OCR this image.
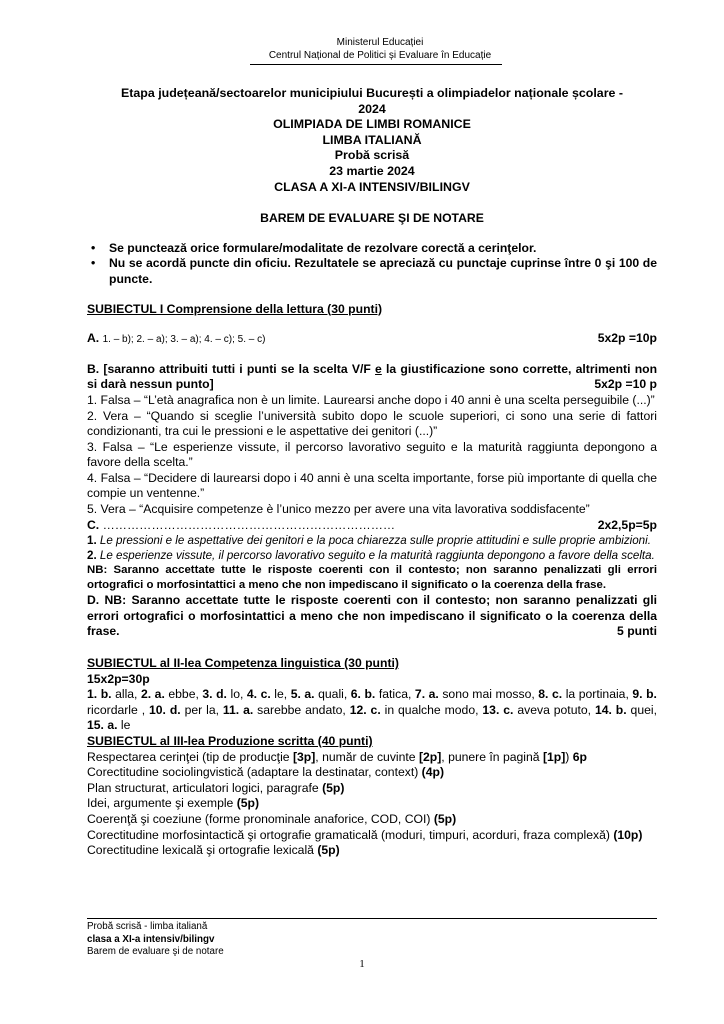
Ministerul Educației
Centrul Național de Politici și Evaluare în Educație
Etapa județeană/sectoarelor municipiului București a olimpiadelor naționale școlare -
2024
OLIMPIADA DE LIMBI ROMANICE
LIMBA ITALIANĂ
Probă scrisă
23 martie 2024
CLASA A XI-A INTENSIV/BILINGV
BAREM DE EVALUARE ŞI DE NOTARE
• Se punctează orice formulare/modalitate de rezolvare corectă a cerinţelor.
• Nu se acordă puncte din oficiu. Rezultatele se apreciază cu punctaje cuprinse între 0 şi 100 de puncte.
SUBIECTUL I Comprensione della lettura (30 punti)
A. 1. – b); 2. – a); 3. – a); 4. – c); 5. – c)	5x2p =10p
B. [saranno attribuiti tutti i punti se la scelta V/F e la giustificazione sono corrette, altrimenti non si darà nessun punto]	5x2p =10 p
1. Falsa – “L’età anagrafica non è un limite. Laurearsi anche dopo i 40 anni è una scelta perseguibile (...)”
2. Vera – “Quando si sceglie l’università subito dopo le scuole superiori, ci sono una serie di fattori condizionanti, tra cui le pressioni e le aspettative dei genitori (...)”
3. Falsa – “Le esperienze vissute, il percorso lavorativo seguito e la maturità raggiunta depongono a favore della scelta.”
4. Falsa – “Decidere di laurearsi dopo i 40 anni è una scelta importante, forse più importante di quella che compie un ventenne.”
5. Vera – “Acquisire competenze è l’unico mezzo per avere una vita lavorativa soddisfacente”
C. ………………………………………………………………	2x2,5p=5p
1. Le pressioni e le aspettative dei genitori e la poca chiarezza sulle proprie attitudini e sulle proprie ambizioni.
2. Le esperienze vissute, il percorso lavorativo seguito e la maturità raggiunta depongono a favore della scelta.
NB: Saranno accettate tutte le risposte coerenti con il contesto; non saranno penalizzati gli errori ortografici o morfosintattici a meno che non impediscano il significato o la coerenza della frase.
D. NB: Saranno accettate tutte le risposte coerenti con il contesto; non saranno penalizzati gli errori ortografici o morfosintattici a meno che non impediscano il significato o la coerenza della frase.	5 punti
SUBIECTUL al II-lea Competenza linguistica (30 punti)
15x2p=30p
1. b. alla, 2. a. ebbe, 3. d. lo, 4. c. le, 5. a. quali, 6. b. fatica, 7. a. sono mai mosso, 8. c. la portinaia, 9. b. ricordarle , 10. d. per la, 11. a. sarebbe andato, 12. c. in qualche modo, 13. c. aveva potuto, 14. b. quei, 15. a. le
SUBIECTUL al III-lea Produzione scritta (40 punti)
Respectarea cerinţei (tip de producţie [3p], număr de cuvinte [2p], punere în pagină [1p]) 6p
Corectitudine sociolingvistică (adaptare la destinatar, context) (4p)
Plan structurat, articulatori logici, paragrafe (5p)
Idei, argumente şi exemple (5p)
Coerenţă şi coeziune (forme pronominale anaforice, COD, COI) (5p)
Corectitudine morfosintactică şi ortografie gramaticală (moduri, timpuri, acorduri, fraza complexă) (10p)
Corectitudine lexicală şi ortografie lexicală (5p)
Probă scrisă - limba italiană
clasa a XI-a intensiv/bilingv
Barem de evaluare şi de notare
1
